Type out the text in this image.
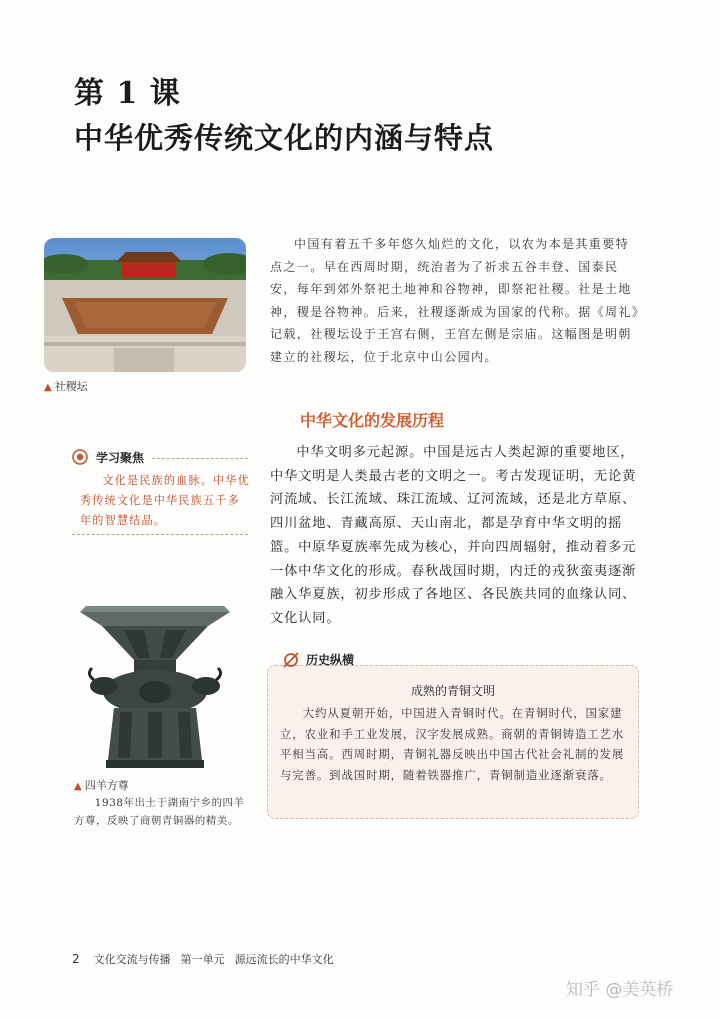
第 1 课
中华优秀传统文化的内涵与特点
▲ 社稷坛
中国有着五千多年悠久灿烂的文化，以农为本是其重要特点之一。早在西周时期，统治者为了祈求五谷丰登、国泰民安，每年到郊外祭祀土地神和谷物神，即祭祀社稷。社是土地神，稷是谷物神。后来，社稷逐渐成为国家的代称。据《周礼》记载，社稷坛设于王宫右侧，王宫左侧是宗庙。这幅图是明朝建立的社稷坛，位于北京中山公园内。
中华文化的发展历程
学习聚焦
文化是民族的血脉。中华优秀传统文化是中华民族五千多年的智慧结晶。
中华文明多元起源。中国是远古人类起源的重要地区，中华文明是人类最古老的文明之一。考古发现证明，无论黄河流域、长江流域、珠江流域、辽河流域，还是北方草原、四川盆地、青藏高原、天山南北，都是孕育中华文明的摇篮。中原华夏族率先成为核心，并向四周辐射，推动着多元一体中华文化的形成。春秋战国时期，内迁的戎狄蛮夷逐渐融入华夏族，初步形成了各地区、各民族共同的血缘认同、文化认同。
▲ 四羊方尊
1938年出土于湖南宁乡的四羊方尊，反映了商朝青铜器的精美。
成熟的青铜文明
大约从夏朝开始，中国进入青铜时代。在青铜时代，国家建立，农业和手工业发展，汉字发展成熟。商朝的青铜铸造工艺水平相当高。西周时期，青铜礼器反映出中国古代社会礼制的发展与完善。到战国时期，随着铁器推广，青铜制造业逐渐衰落。
历史纵横
2 文化交流与传播 第一单元 源远流长的中华文化
知乎 @美英桥
